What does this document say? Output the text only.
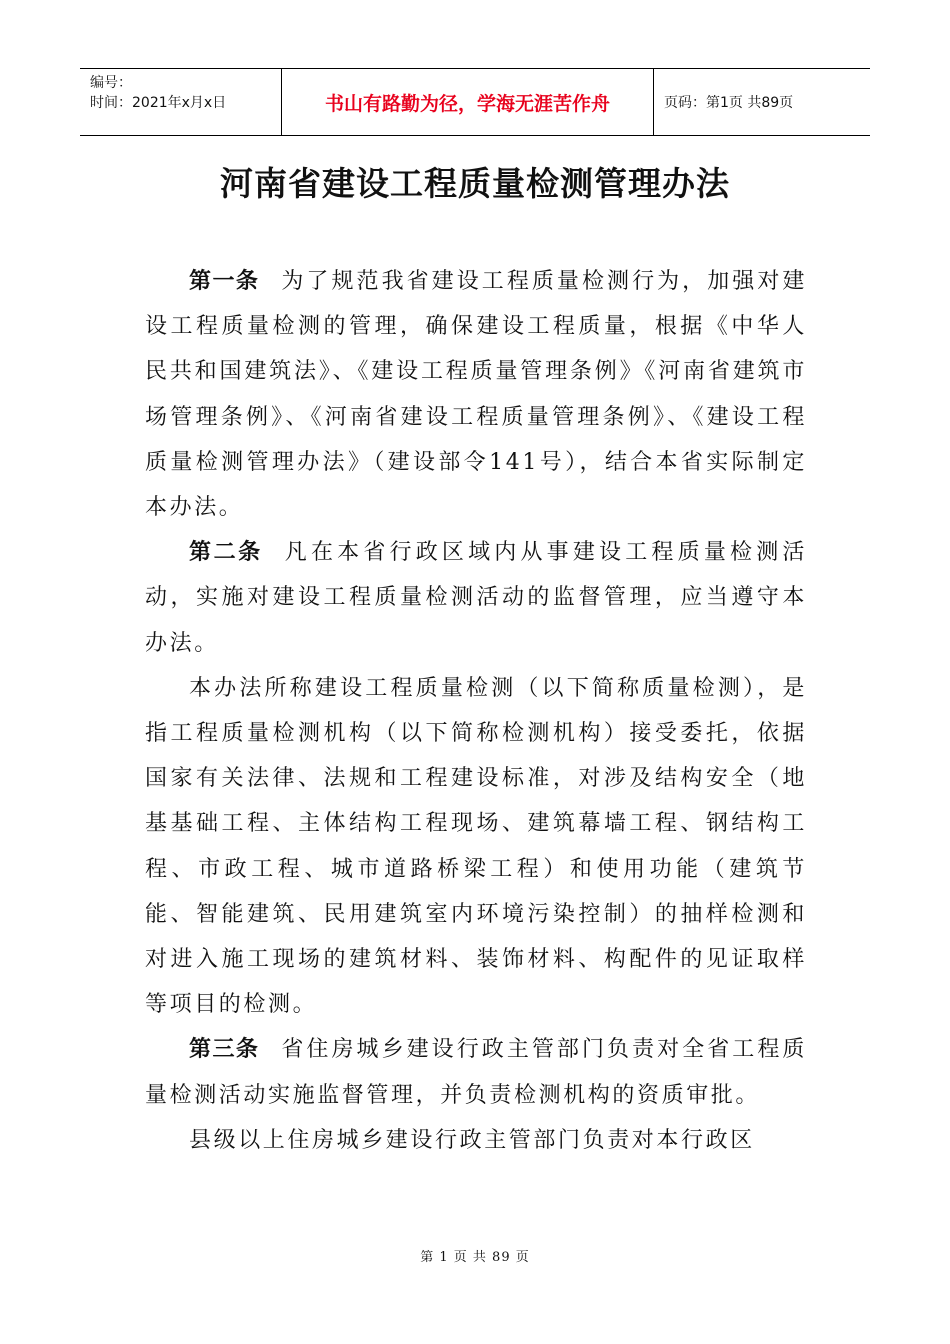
编号：
时间：2021年x月x日	书山有路勤为径，学海无涯苦作舟	页码：第1页 共89页
河南省建设工程质量检测管理办法

第一条 为了规范我省建设工程质量检测行为，加强对建设工程质量检测的管理，确保建设工程质量，根据《中华人民共和国建筑法》、《建设工程质量管理条例》《河南省建筑市场管理条例》、《河南省建设工程质量管理条例》、《建设工程质量检测管理办法》（建设部令141号），结合本省实际制定本办法。

第二条 凡在本省行政区域内从事建设工程质量检测活动，实施对建设工程质量检测活动的监督管理，应当遵守本办法。

本办法所称建设工程质量检测（以下简称质量检测），是指工程质量检测机构（以下简称检测机构）接受委托，依据国家有关法律、法规和工程建设标准，对涉及结构安全（地基基础工程、主体结构工程现场、建筑幕墙工程、钢结构工程、市政工程、城市道路桥梁工程）和使用功能（建筑节能、智能建筑、民用建筑室内环境污染控制）的抽样检测和对进入施工现场的建筑材料、装饰材料、构配件的见证取样等项目的检测。

第三条 省住房城乡建设行政主管部门负责对全省工程质量检测活动实施监督管理，并负责检测机构的资质审批。

县级以上住房城乡建设行政主管部门负责对本行政区

第 1 页 共 89 页
